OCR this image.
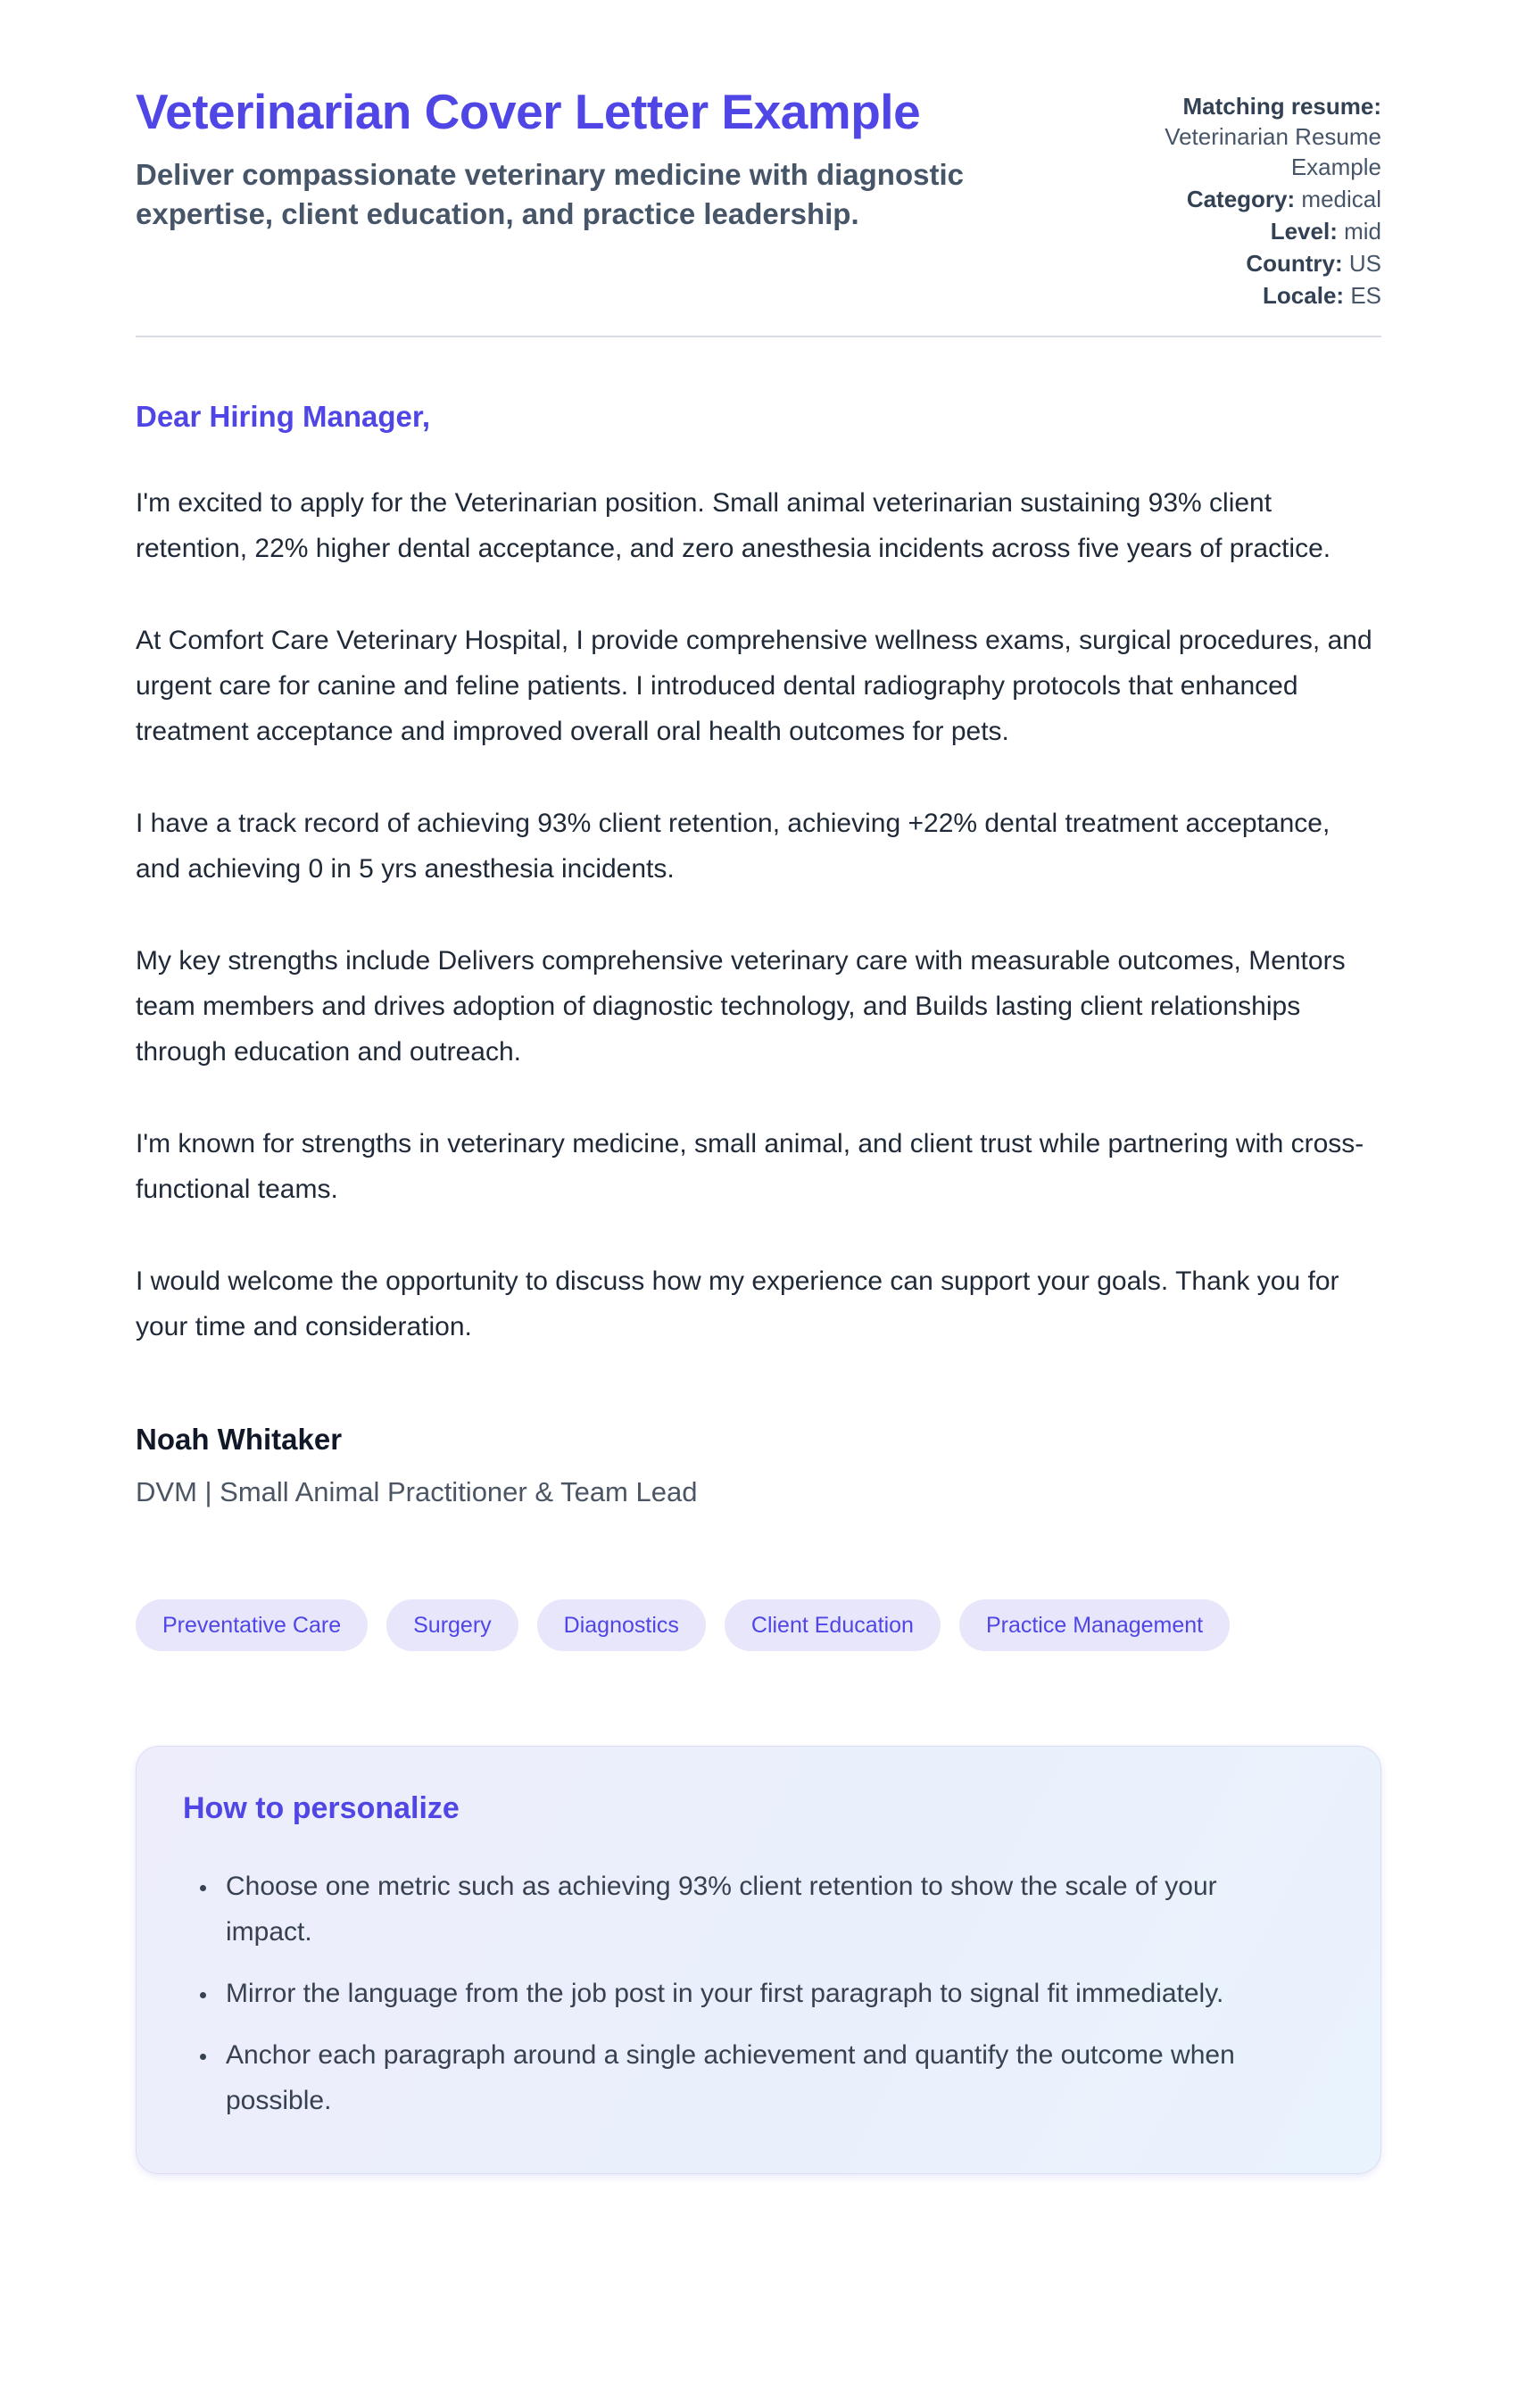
Veterinarian Cover Letter Example

Deliver compassionate veterinary medicine with diagnostic expertise, client education, and practice leadership.

Matching resume:
Veterinarian Resume Example
Category: medical
Level: mid
Country: US
Locale: ES

Dear Hiring Manager,

I'm excited to apply for the Veterinarian position. Small animal veterinarian sustaining 93% client retention, 22% higher dental acceptance, and zero anesthesia incidents across five years of practice.

At Comfort Care Veterinary Hospital, I provide comprehensive wellness exams, surgical procedures, and urgent care for canine and feline patients. I introduced dental radiography protocols that enhanced treatment acceptance and improved overall oral health outcomes for pets.

I have a track record of achieving 93% client retention, achieving +22% dental treatment acceptance, and achieving 0 in 5 yrs anesthesia incidents.

My key strengths include Delivers comprehensive veterinary care with measurable outcomes, Mentors team members and drives adoption of diagnostic technology, and Builds lasting client relationships through education and outreach.

I'm known for strengths in veterinary medicine, small animal, and client trust while partnering with cross-functional teams.

I would welcome the opportunity to discuss how my experience can support your goals. Thank you for your time and consideration.

Noah Whitaker

DVM | Small Animal Practitioner & Team Lead

Preventative Care	Surgery	Diagnostics	Client Education	Practice Management
How to personalize
• Choose one metric such as achieving 93% client retention to show the scale of your impact.
• Mirror the language from the job post in your first paragraph to signal fit immediately.
• Anchor each paragraph around a single achievement and quantify the outcome when possible.
